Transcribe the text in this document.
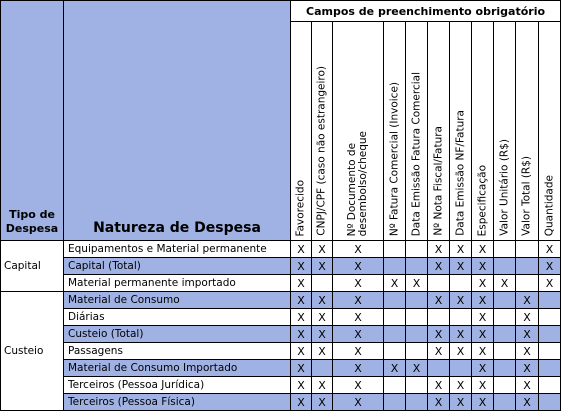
Tipo de
Despesa	Natureza de Despesa	Campos de preenchimento obrigatório										

		Favorecido	CNPJ/CPF (caso não estrangeiro)	Nº Documento de desembolso/cheque	Nº Fatura Comercial (Invoice)	Data Emissão Fatura Comercial	Nº Nota Fiscal/Fatura	Data Emissão NF/Fatura	Especificação	Valor Unitário (R$)	Valor Total (R$)	Quantidade

Capital	Equipamentos e Material permanente	X	X	X			X	X	X			X
	Capital (Total)	X	X	X			X	X	X			X
	Material permanente importado	X		X	X	X			X	X		X
Custeio	Material de Consumo	X	X	X			X	X	X		X	
	Diárias	X	X	X					X		X	
	Custeio (Total)	X	X	X			X	X	X		X	
	Passagens	X	X	X			X	X	X		X	
	Material de Consumo Importado	X		X	X	X			X		X	
	Terceiros (Pessoa Jurídica)	X	X	X			X	X	X		X	
	Terceiros (Pessoa Física)	X	X	X			X	X	X		X	
